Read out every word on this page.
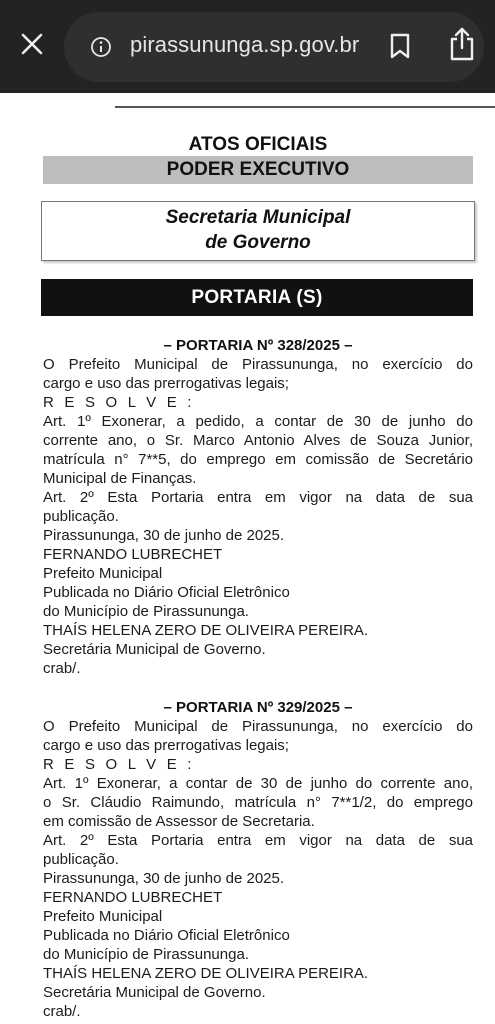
pirassununga.sp.gov.br
ATOS OFICIAIS
PODER EXECUTIVO
Secretaria Municipal
de Governo
PORTARIA (S)
– PORTARIA Nº 328/2025 –
O Prefeito Municipal de Pirassununga, no exercício do
cargo e uso das prerrogativas legais;
R E S O L V E :
Art. 1º Exonerar, a pedido, a contar de 30 de junho do
corrente ano, o Sr. Marco Antonio Alves de Souza Junior,
matrícula n° 7**5, do emprego em comissão de Secretário
Municipal de Finanças.
Art. 2º Esta Portaria entra em vigor na data de sua
publicação.
Pirassununga, 30 de junho de 2025.
FERNANDO LUBRECHET
Prefeito Municipal
Publicada no Diário Oficial Eletrônico
do Município de Pirassununga.
THAÍS HELENA ZERO DE OLIVEIRA PEREIRA.
Secretária Municipal de Governo.
crab/.
– PORTARIA Nº 329/2025 –
O Prefeito Municipal de Pirassununga, no exercício do
cargo e uso das prerrogativas legais;
R E S O L V E :
Art. 1º Exonerar, a contar de 30 de junho do corrente ano,
o Sr. Cláudio Raimundo, matrícula n° 7**1/2, do emprego
em comissão de Assessor de Secretaria.
Art. 2º Esta Portaria entra em vigor na data de sua
publicação.
Pirassununga, 30 de junho de 2025.
FERNANDO LUBRECHET
Prefeito Municipal
Publicada no Diário Oficial Eletrônico
do Município de Pirassununga.
THAÍS HELENA ZERO DE OLIVEIRA PEREIRA.
Secretária Municipal de Governo.
crab/.
